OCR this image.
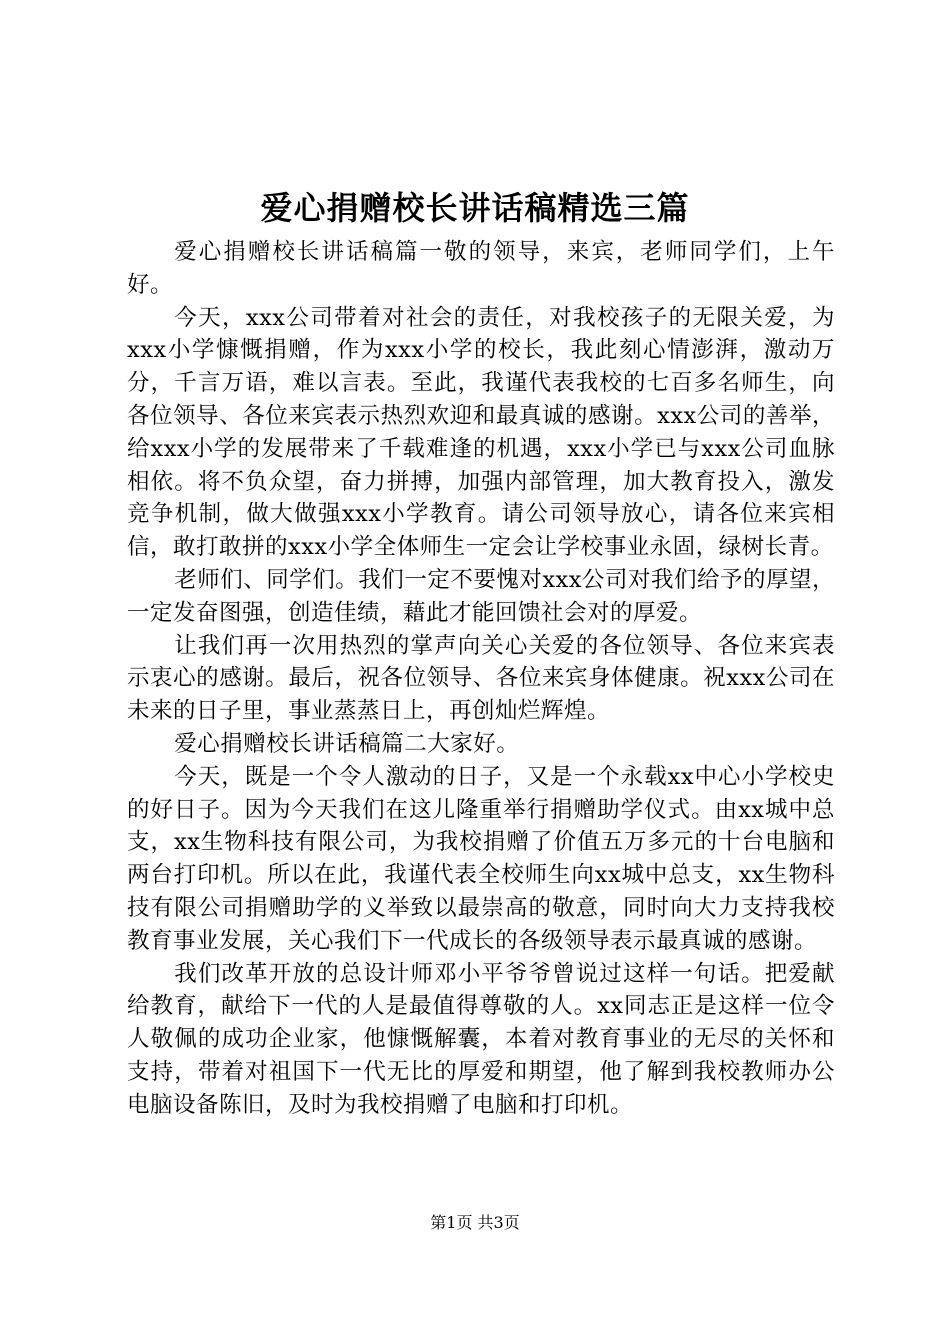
爱心捐赠校长讲话稿精选三篇

爱心捐赠校长讲话稿篇一敬的领导，来宾，老师同学们，上午好。

今天，xxx公司带着对社会的责任，对我校孩子的无限关爱，为xxx小学慷慨捐赠，作为xxx小学的校长，我此刻心情澎湃，激动万分，千言万语，难以言表。至此，我谨代表我校的七百多名师生，向各位领导、各位来宾表示热烈欢迎和最真诚的感谢。xxx公司的善举，给xxx小学的发展带来了千载难逢的机遇，xxx小学已与xxx公司血脉相依。将不负众望，奋力拼搏，加强内部管理，加大教育投入，激发竞争机制，做大做强xxx小学教育。请公司领导放心，请各位来宾相信，敢打敢拼的xxx小学全体师生一定会让学校事业永固，绿树长青。

老师们、同学们。我们一定不要愧对xxx公司对我们给予的厚望，一定发奋图强，创造佳绩，藉此才能回馈社会对的厚爱。

让我们再一次用热烈的掌声向关心关爱的各位领导、各位来宾表示衷心的感谢。最后，祝各位领导、各位来宾身体健康。祝xxx公司在未来的日子里，事业蒸蒸日上，再创灿烂辉煌。

爱心捐赠校长讲话稿篇二大家好。

今天，既是一个令人激动的日子，又是一个永载xx中心小学校史的好日子。因为今天我们在这儿隆重举行捐赠助学仪式。由xx城中总支，xx生物科技有限公司，为我校捐赠了价值五万多元的十台电脑和两台打印机。所以在此，我谨代表全校师生向xx城中总支，xx生物科技有限公司捐赠助学的义举致以最崇高的敬意，同时向大力支持我校教育事业发展，关心我们下一代成长的各级领导表示最真诚的感谢。

我们改革开放的总设计师邓小平爷爷曾说过这样一句话。把爱献给教育，献给下一代的人是最值得尊敬的人。xx同志正是这样一位令人敬佩的成功企业家，他慷慨解囊，本着对教育事业的无尽的关怀和支持，带着对祖国下一代无比的厚爱和期望，他了解到我校教师办公电脑设备陈旧，及时为我校捐赠了电脑和打印机。

第1页 共3页
